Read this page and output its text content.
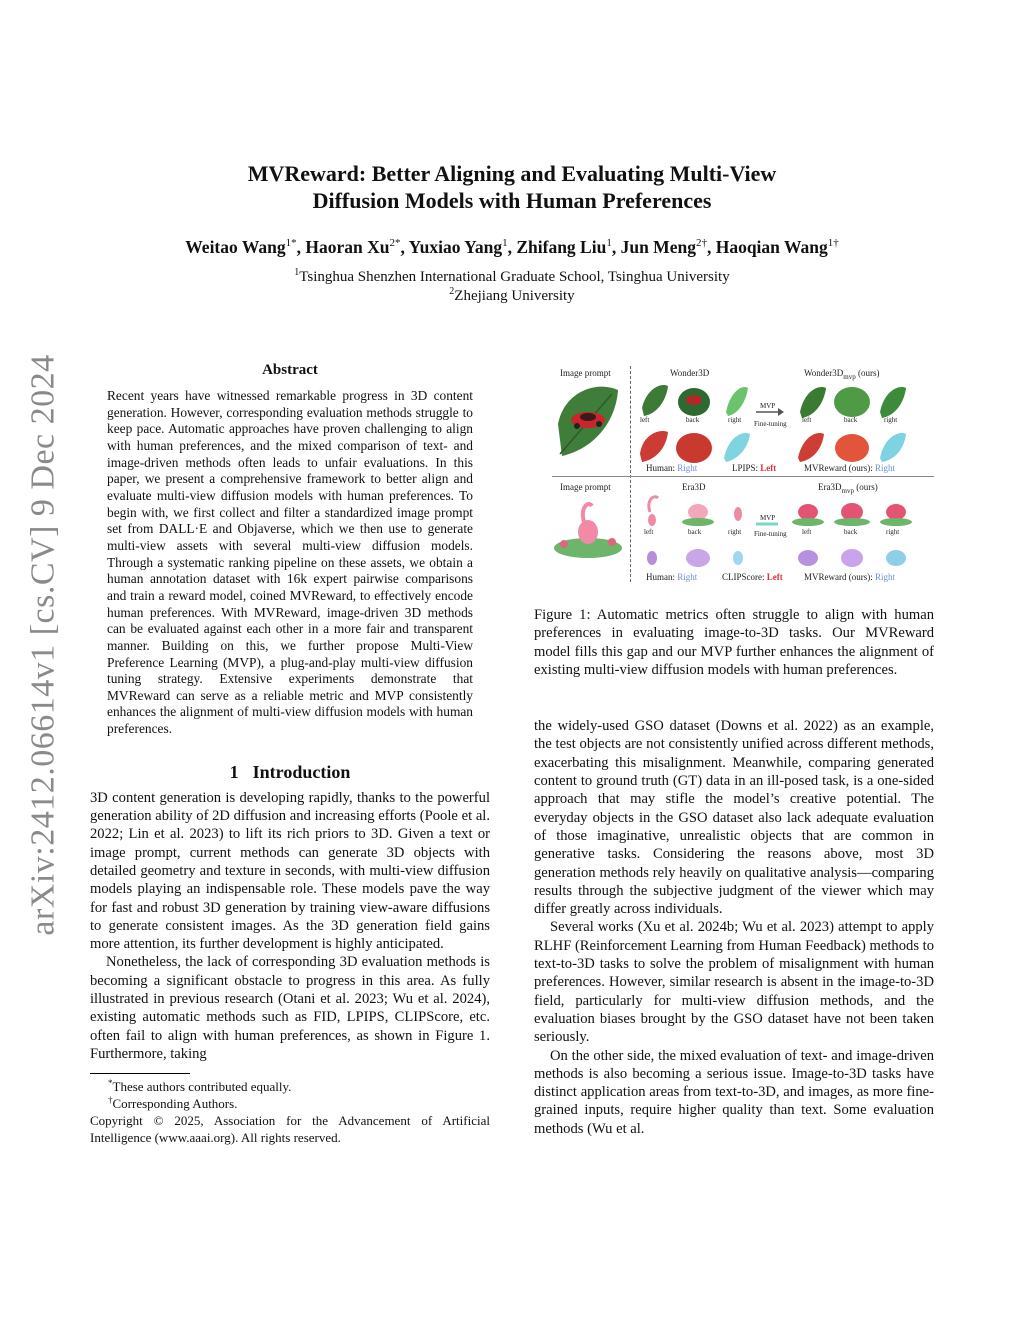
arXiv:2412.06614v1 [cs.CV] 9 Dec 2024
MVReward: Better Aligning and Evaluating Multi-View
Diffusion Models with Human Preferences
Weitao Wang$^{1*}$, Haoran $Xu^{2*}$, Yuxiao Yang$^1$, Zhifang Liu$^1$, Jun Meng$^{2\dagger}$, Haoqian Wang$^{1\dagger}$
$^1$Tsinghua Shenzhen International Graduate School, Tsinghua University
$^2$Zhejiang University
Abstract

Recent years have witnessed remarkable progress in 3D content generation. However, corresponding evaluation methods struggle to keep pace. Automatic approaches have proven challenging to align with human preferences, and the mixed comparison of text- and image-driven methods often leads to unfair evaluations. In this paper, we present a comprehensive framework to better align and evaluate multi-view diffusion models with human preferences. To begin with, we first collect and filter a standardized image prompt set from DALL·E and Objaverse, which we then use to generate multi-view assets with several multi-view diffusion models. Through a systematic ranking pipeline on these assets, we obtain a human annotation dataset with 16k expert pairwise comparisons and train a reward model, coined MVReward, to effectively encode human preferences. With MVReward, image-driven 3D methods can be evaluated against each other in a more fair and transparent manner. Building on this, we further propose Multi-View Preference Learning (MVP), a plug-and-play multi-view diffusion tuning strategy. Extensive experiments demonstrate that MVReward can serve as a reliable metric and MVP consistently enhances the alignment of multi-view diffusion models with human preferences.

1 Introduction

3D content generation is developing rapidly, thanks to the powerful generation ability of 2D diffusion and increasing efforts (Poole et al. 2022; Lin et al. 2023) to lift its rich priors to 3D. Given a text or image prompt, current methods can generate 3D objects with detailed geometry and texture in seconds, with multi-view diffusion models playing an indispensable role. These models pave the way for fast and robust 3D generation by training view-aware diffusions to generate consistent images. As the 3D generation field gains more attention, its further development is highly anticipated.

Nonetheless, the lack of corresponding 3D evaluation methods is becoming a significant obstacle to progress in this area. As fully illustrated in previous research (Otani et al. 2023; Wu et al. 2024), existing automatic methods such as FID, LPIPS, CLIPScore, etc. often fail to align with human preferences, as shown in Figure 1. Furthermore, taking

*These authors contributed equally.
†Corresponding Authors.
Copyright © 2025, Association for the Advancement of Artificial Intelligence (www.aaai.org). All rights reserved.
Image prompt	Wonder3D	$Wonder3D_{mvp}$ (ours)
left	back	right
MVP
Fine-tuning left	back	right
Human: Right	LPIPS: Left	MVReward (ours): Right
Image prompt	Era3D	$Era3D_{mvp}$ (ours)
left	back	right
MVP
Fine-tuning left	back	right
Human: Right	CLIPScore: Left MVReward (ours): Right
Figure 1: Automatic metrics often struggle to align with human preferences in evaluating image-to-3D tasks. Our MVReward model fills this gap and our MVP further enhances the alignment of existing multi-view diffusion models with human preferences.

the widely-used GSO dataset (Downs et al. 2022) as an example, the test objects are not consistently unified across different methods, exacerbating this misalignment. Meanwhile, comparing generated content to ground truth (GT) data in an ill-posed task, is a one-sided approach that may stifle the model’s creative potential. The everyday objects in the GSO dataset also lack adequate evaluation of those imaginative, unrealistic objects that are common in generative tasks. Considering the reasons above, most 3D generation methods rely heavily on qualitative analysis—comparing results through the subjective judgment of the viewer which may differ greatly across individuals.

Several works (Xu et al. 2024b; Wu et al. 2023) attempt to apply RLHF (Reinforcement Learning from Human Feedback) methods to text-to-3D tasks to solve the problem of misalignment with human preferences. However, similar research is absent in the image-to-3D field, particularly for multi-view diffusion methods, and the evaluation biases brought by the GSO dataset have not been taken seriously.

On the other side, the mixed evaluation of text- and image-driven methods is also becoming a serious issue. Image-to-3D tasks have distinct application areas from text-to-3D, and images, as more fine-grained inputs, require higher quality than text. Some evaluation methods (Wu et al.
